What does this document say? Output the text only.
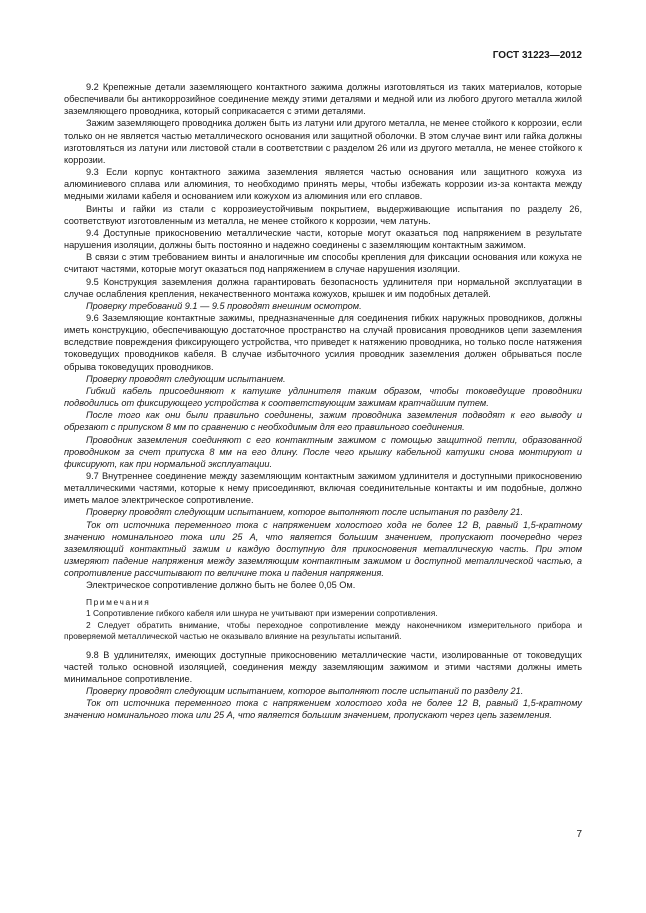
ГОСТ 31223—2012

9.2 Крепежные детали заземляющего контактного зажима должны изготовляться из таких материалов, которые обеспечивали бы антикоррозийное соединение между этими деталями и медной или из любого другого металла жилой заземляющего проводника, который соприкасается с этими деталями.

Зажим заземляющего проводника должен быть из латуни или другого металла, не менее стойкого к коррозии, если только он не является частью металлического основания или защитной оболочки. В этом случае винт или гайка должны изготовляться из латуни или листовой стали в соответствии с разделом 26 или из другого металла, не менее стойкого к коррозии.

9.3 Если корпус контактного зажима заземления является частью основания или защитного кожуха из алюминиевого сплава или алюминия, то необходимо принять меры, чтобы избежать коррозии из-за контакта между медными жилами кабеля и основанием или кожухом из алюминия или его сплавов.

Винты и гайки из стали с коррозиеустойчивым покрытием, выдерживающие испытания по разделу 26, соответствуют изготовленным из металла, не менее стойкого к коррозии, чем латунь.

9.4 Доступные прикосновению металлические части, которые могут оказаться под напряжением в результате нарушения изоляции, должны быть постоянно и надежно соединены с заземляющим контактным зажимом.

В связи с этим требованием винты и аналогичные им способы крепления для фиксации основания или кожуха не считают частями, которые могут оказаться под напряжением в случае нарушения изоляции.

9.5 Конструкция заземления должна гарантировать безопасность удлинителя при нормальной эксплуатации в случае ослабления крепления, некачественного монтажа кожухов, крышек и им подобных деталей.

Проверку требований 9.1 — 9.5 проводят внешним осмотром.

9.6 Заземляющие контактные зажимы, предназначенные для соединения гибких наружных проводников, должны иметь конструкцию, обеспечивающую достаточное пространство на случай провисания проводников цепи заземления вследствие повреждения фиксирующего устройства, что приведет к натяжению проводника, но только после натяжения токоведущих проводников кабеля. В случае избыточного усилия проводник заземления должен обрываться после обрыва токоведущих проводников.

Проверку проводят следующим испытанием.

Гибкий кабель присоединяют к катушке удлинителя таким образом, чтобы токоведущие проводники подводились от фиксирующего устройства к соответствующим зажимам кратчайшим путем.

После того как они были правильно соединены, зажим проводника заземления подводят к его выводу и обрезают с припуском 8 мм по сравнению с необходимым для его правильного соединения.

Проводник заземления соединяют с его контактным зажимом с помощью защитной петли, образованной проводником за счет припуска 8 мм на его длину. После чего крышку кабельной катушки снова монтируют и фиксируют, как при нормальной эксплуатации.

9.7 Внутреннее соединение между заземляющим контактным зажимом удлинителя и доступными прикосновению металлическими частями, которые к нему присоединяют, включая соединительные контакты и им подобные, должно иметь малое электрическое сопротивление.

Проверку проводят следующим испытанием, которое выполняют после испытания по разделу 21.

Ток от источника переменного тока с напряжением холостого хода не более 12 В, равный 1,5-кратному значению номинального тока или 25 А, что является большим значением, пропускают поочередно через заземляющий контактный зажим и каждую доступную для прикосновения металлическую часть. При этом измеряют падение напряжения между заземляющим контактным зажимом и доступной металлической частью, а сопротивление рассчитывают по величине тока и падения напряжения.

Электрическое сопротивление должно быть не более 0,05 Ом.

Примечания

1 Сопротивление гибкого кабеля или шнура не учитывают при измерении сопротивления.

2 Следует обратить внимание, чтобы переходное сопротивление между наконечником измерительного прибора и проверяемой металлической частью не оказывало влияние на результаты испытаний.

9.8 В удлинителях, имеющих доступные прикосновению металлические части, изолированные от токоведущих частей только основной изоляцией, соединения между заземляющим зажимом и этими частями должны иметь минимальное сопротивление.

Проверку проводят следующим испытанием, которое выполняют после испытаний по разделу 21.

Ток от источника переменного тока с напряжением холостого хода не более 12 В, равный 1,5-кратному значению номинального тока или 25 А, что является большим значением, пропускают через цепь заземления.

7
